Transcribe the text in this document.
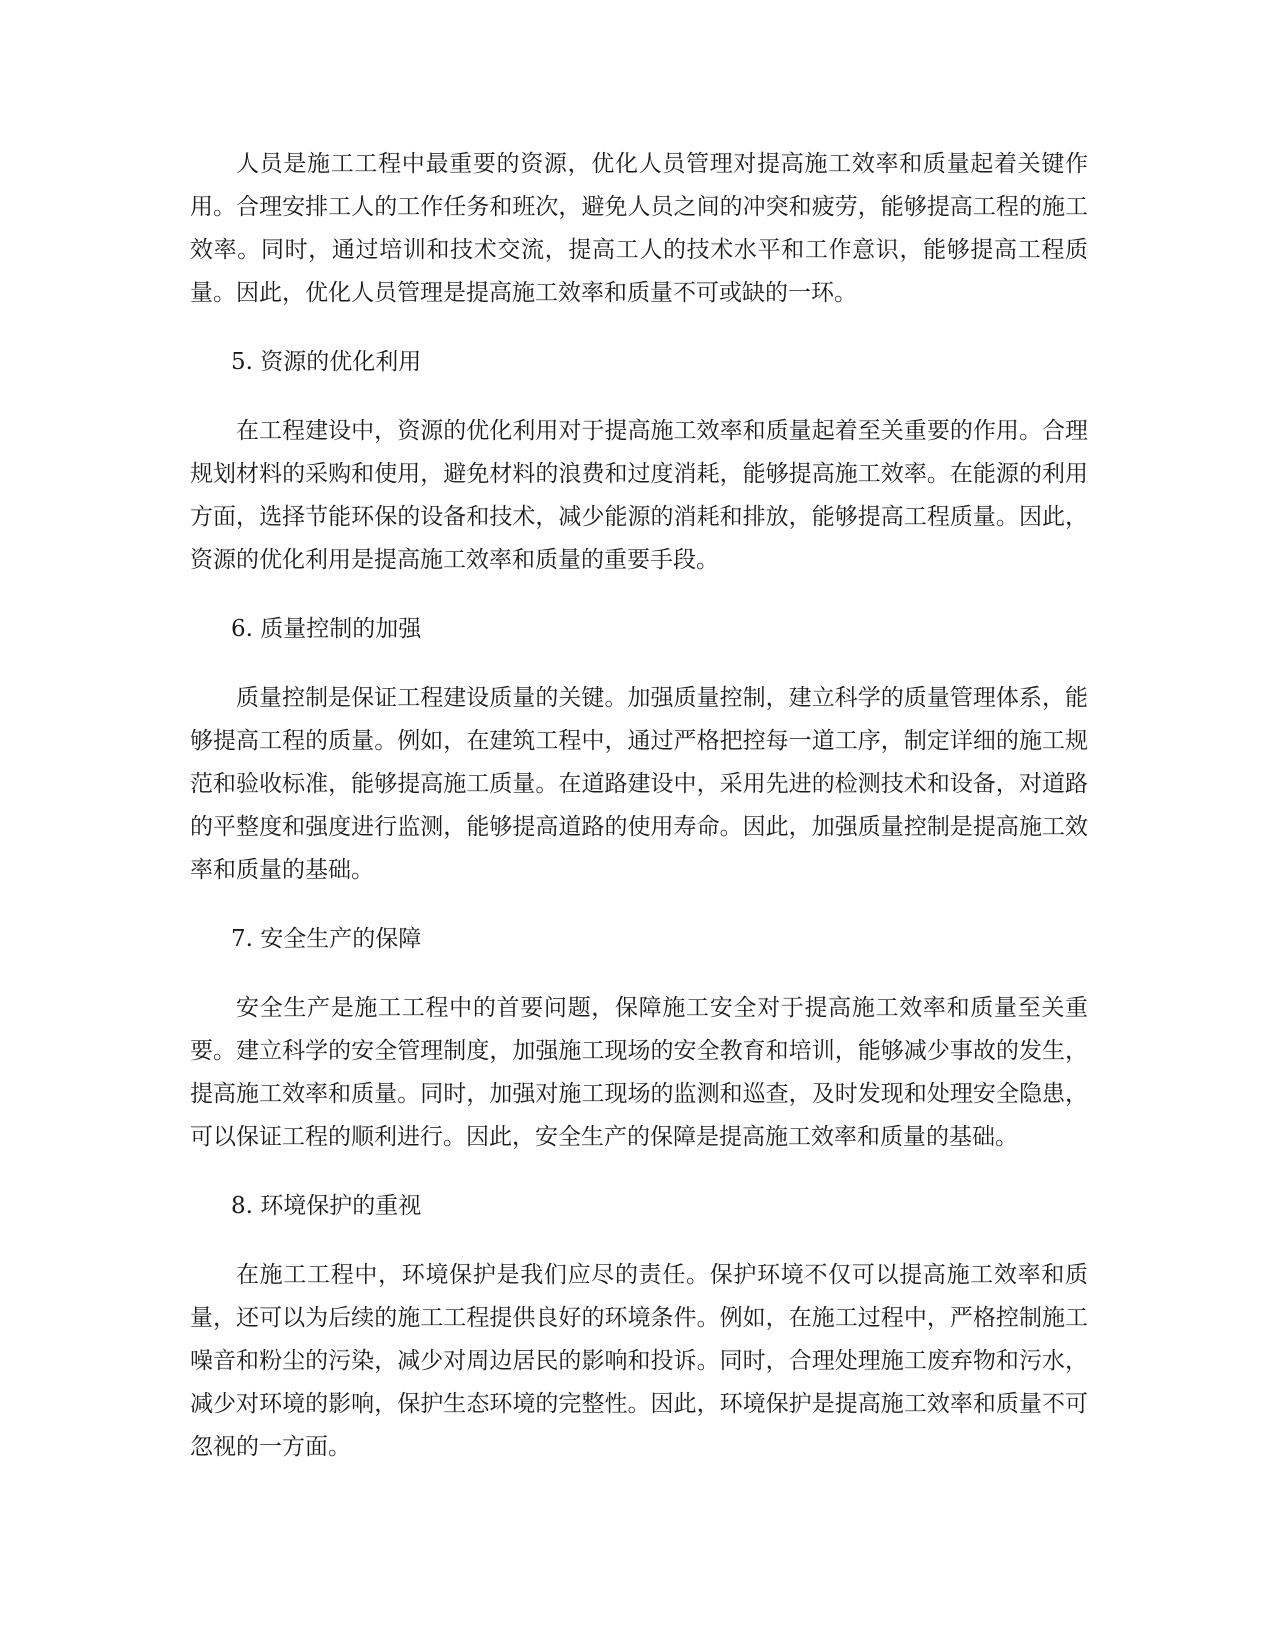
人员是施工工程中最重要的资源，优化人员管理对提高施工效率和质量起着关键作用。合理安排工人的工作任务和班次，避免人员之间的冲突和疲劳，能够提高工程的施工效率。同时，通过培训和技术交流，提高工人的技术水平和工作意识，能够提高工程质量。因此，优化人员管理是提高施工效率和质量不可或缺的一环。

5. 资源的优化利用

在工程建设中，资源的优化利用对于提高施工效率和质量起着至关重要的作用。合理规划材料的采购和使用，避免材料的浪费和过度消耗，能够提高施工效率。在能源的利用方面，选择节能环保的设备和技术，减少能源的消耗和排放，能够提高工程质量。因此，资源的优化利用是提高施工效率和质量的重要手段。

6. 质量控制的加强

质量控制是保证工程建设质量的关键。加强质量控制，建立科学的质量管理体系，能够提高工程的质量。例如，在建筑工程中，通过严格把控每一道工序，制定详细的施工规范和验收标准，能够提高施工质量。在道路建设中，采用先进的检测技术和设备，对道路的平整度和强度进行监测，能够提高道路的使用寿命。因此，加强质量控制是提高施工效率和质量的基础。

7. 安全生产的保障

安全生产是施工工程中的首要问题，保障施工安全对于提高施工效率和质量至关重要。建立科学的安全管理制度，加强施工现场的安全教育和培训，能够减少事故的发生，提高施工效率和质量。同时，加强对施工现场的监测和巡查，及时发现和处理安全隐患，可以保证工程的顺利进行。因此，安全生产的保障是提高施工效率和质量的基础。

8. 环境保护的重视

在施工工程中，环境保护是我们应尽的责任。保护环境不仅可以提高施工效率和质量，还可以为后续的施工工程提供良好的环境条件。例如，在施工过程中，严格控制施工噪音和粉尘的污染，减少对周边居民的影响和投诉。同时，合理处理施工废弃物和污水，减少对环境的影响，保护生态环境的完整性。因此，环境保护是提高施工效率和质量不可忽视的一方面。
